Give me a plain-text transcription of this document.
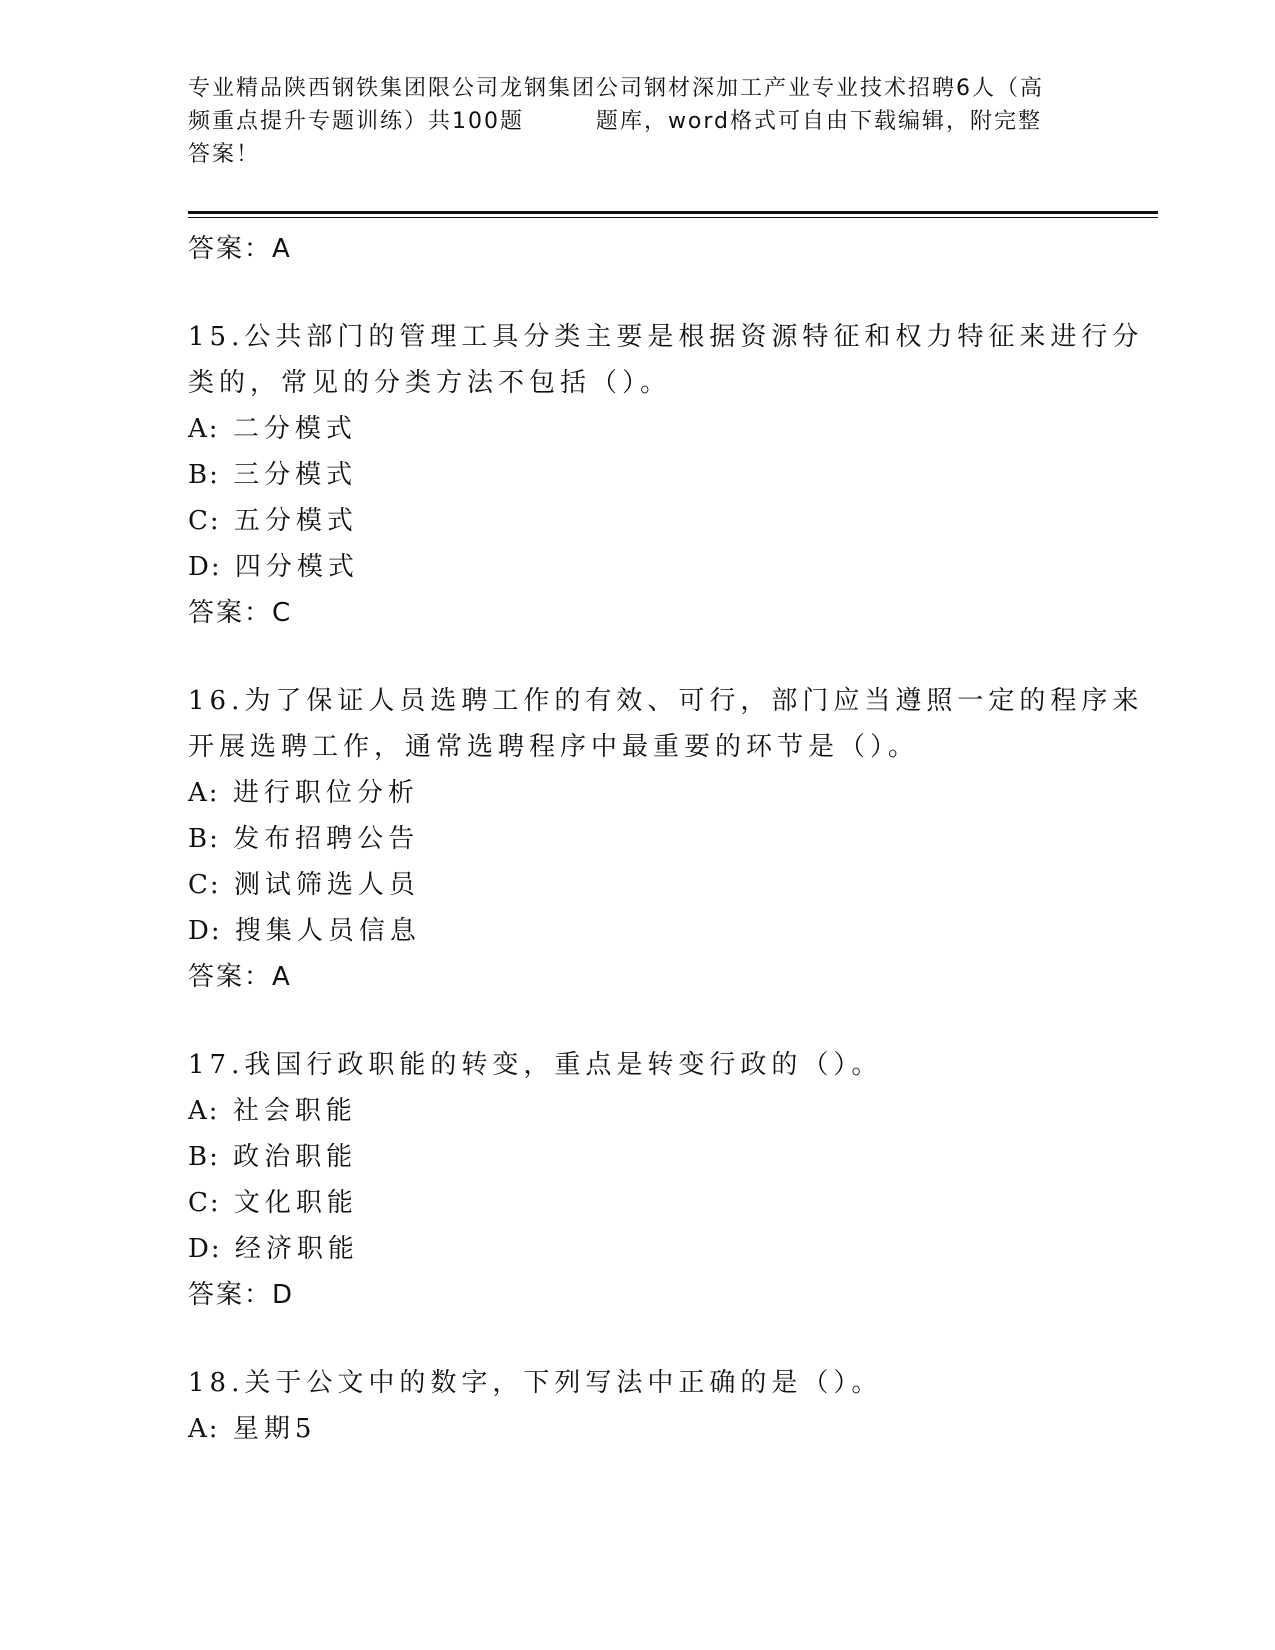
专业精品陕西钢铁集团限公司龙钢集团公司钢材深加工产业专业技术招聘6人（高
频重点提升专题训练）共100题        题库，word格式可自由下载编辑，附完整
答案！
答案：A
15.公共部门的管理工具分类主要是根据资源特征和权力特征来进行分
类的，常见的分类方法不包括（）。
A: 二分模式
B: 三分模式
C: 五分模式
D: 四分模式
答案：C
16.为了保证人员选聘工作的有效、可行，部门应当遵照一定的程序来
开展选聘工作，通常选聘程序中最重要的环节是（）。
A: 进行职位分析
B: 发布招聘公告
C: 测试筛选人员
D: 搜集人员信息
答案：A
17.我国行政职能的转变，重点是转变行政的（）。
A: 社会职能
B: 政治职能
C: 文化职能
D: 经济职能
答案：D
18.关于公文中的数字，下列写法中正确的是（）。
A: 星期5
